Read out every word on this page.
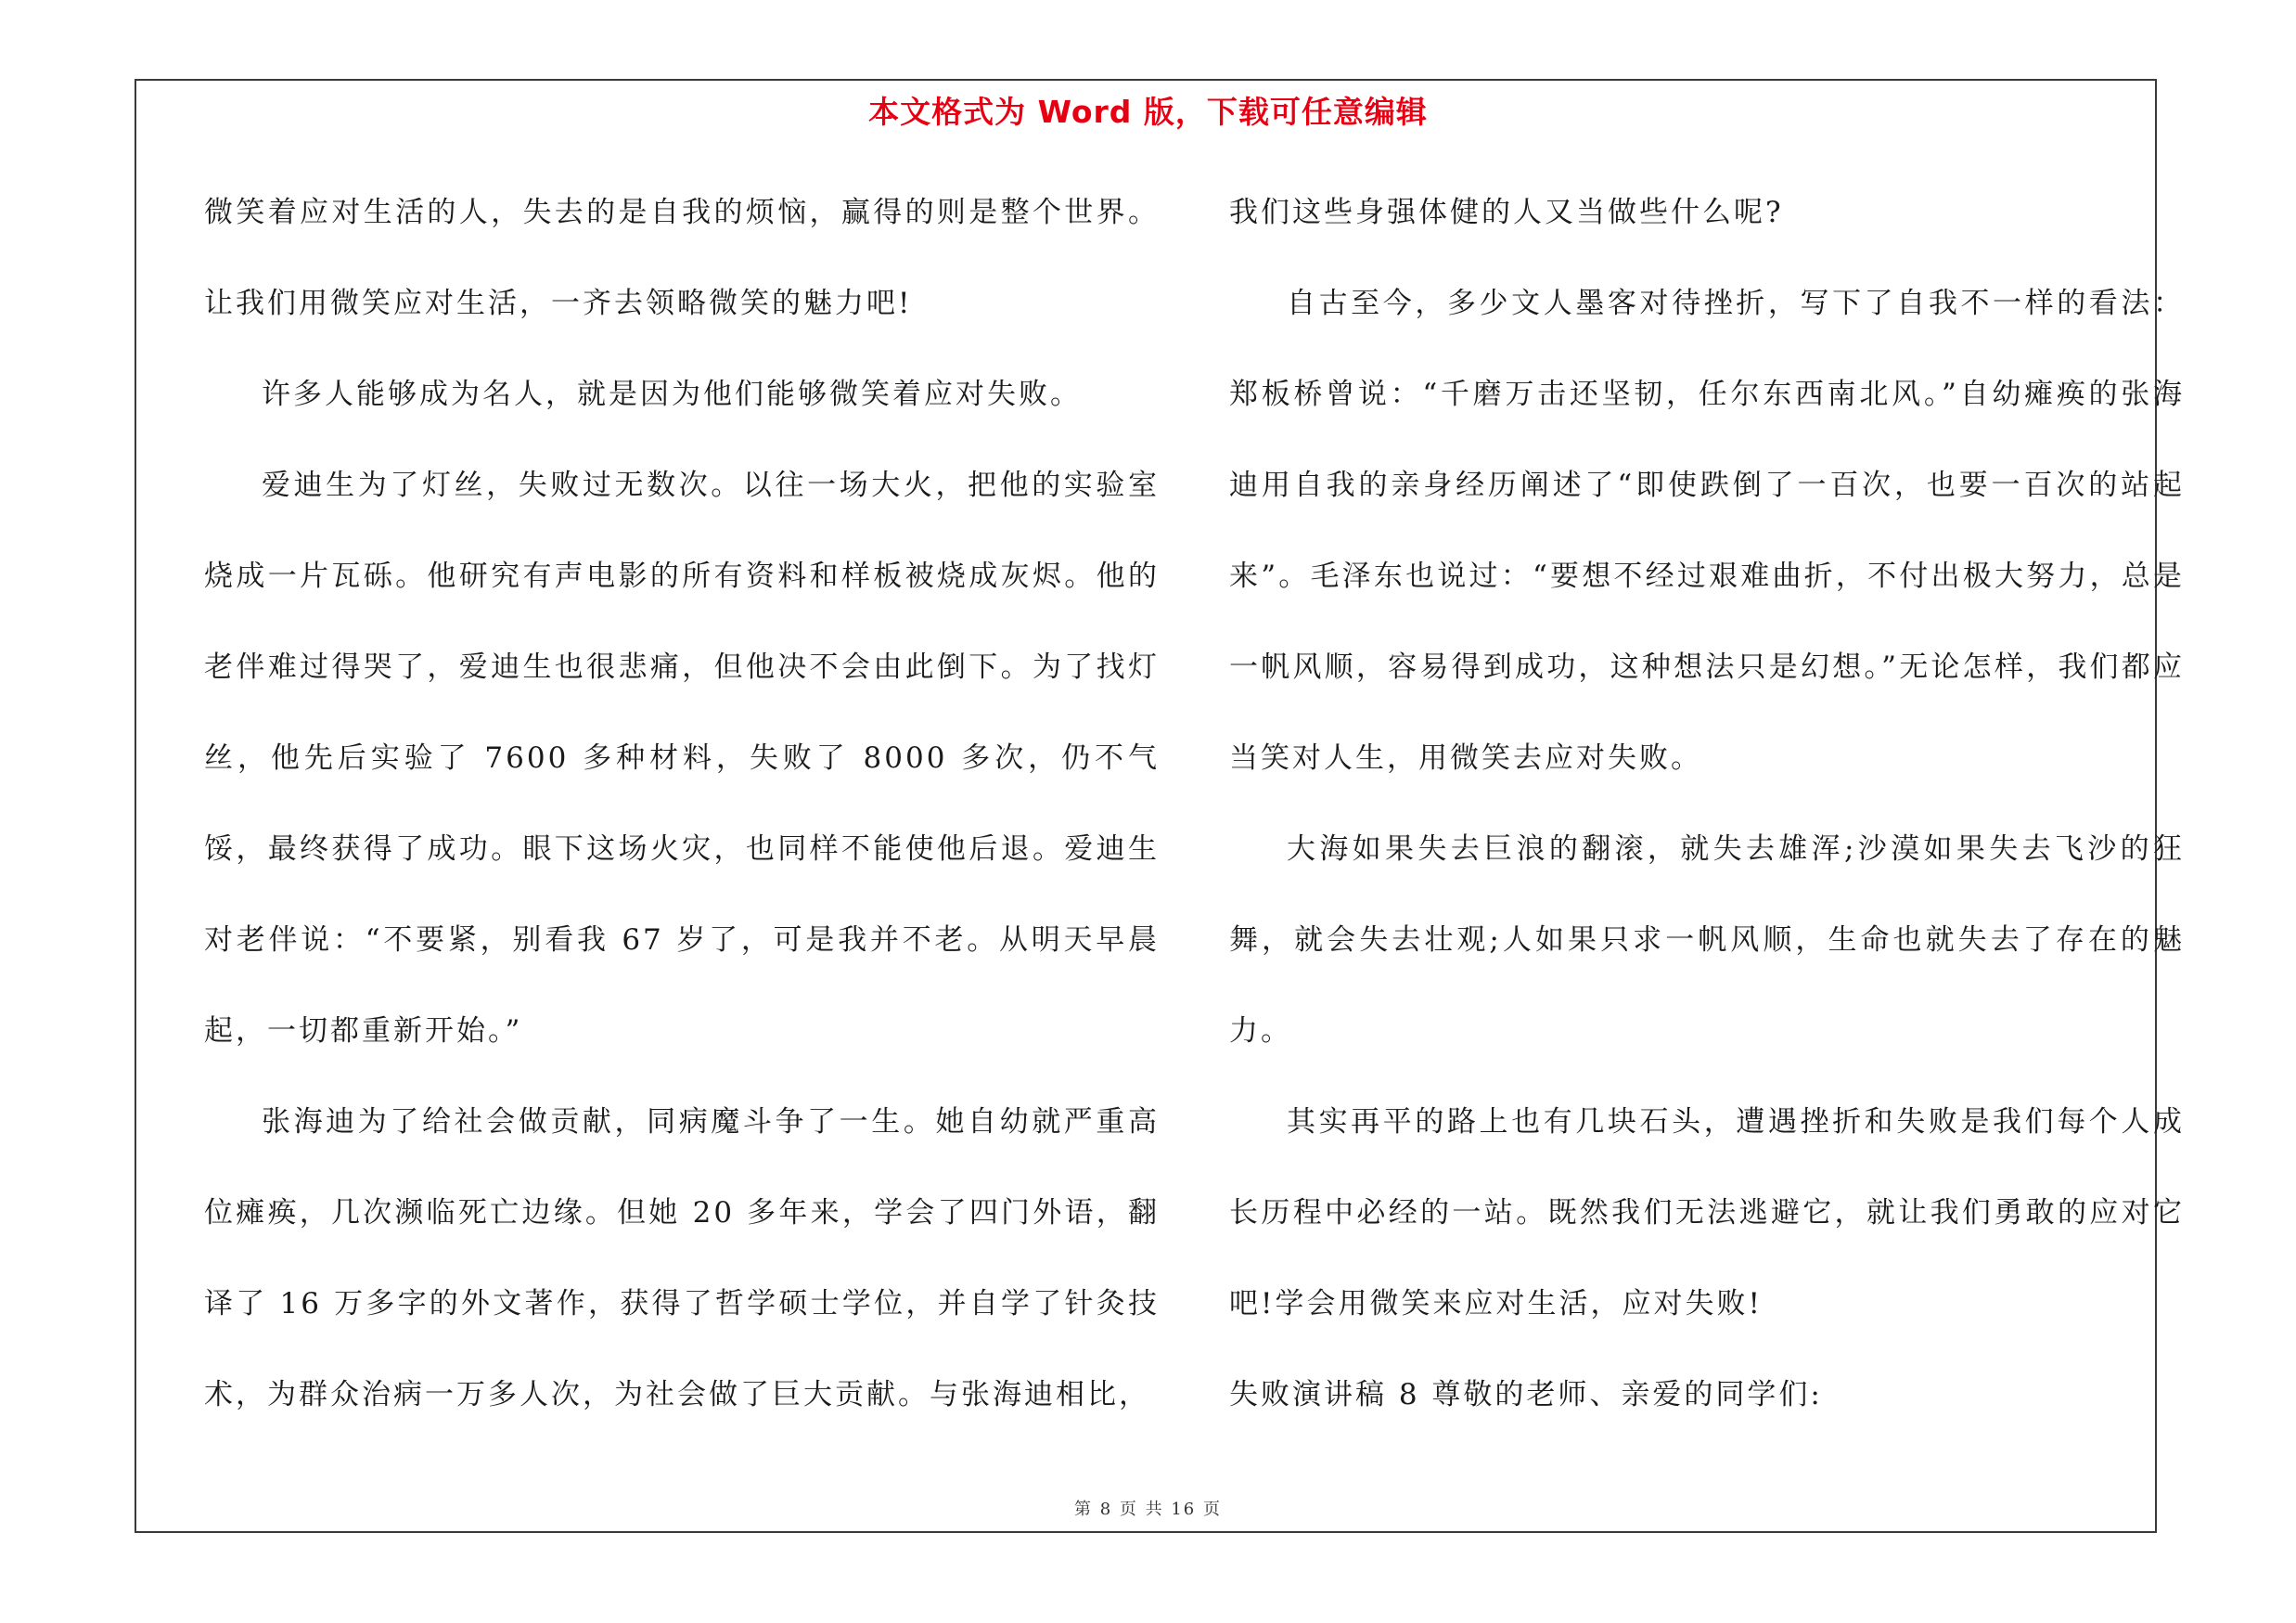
本文格式为 Word 版，下载可任意编辑

微笑着应对生活的人，失去的是自我的烦恼，赢得的则是整个世界。让我们用微笑应对生活，一齐去领略微笑的魅力吧!

许多人能够成为名人，就是因为他们能够微笑着应对失败。

爱迪生为了灯丝，失败过无数次。以往一场大火，把他的实验室烧成一片瓦砾。他研究有声电影的所有资料和样板被烧成灰烬。他的老伴难过得哭了，爱迪生也很悲痛，但他决不会由此倒下。为了找灯丝，他先后实验了 7600 多种材料，失败了 8000 多次，仍不气馁，最终获得了成功。眼下这场火灾，也同样不能使他后退。爱迪生对老伴说：“不要紧，别看我 67 岁了，可是我并不老。从明天早晨起，一切都重新开始。”

张海迪为了给社会做贡献，同病魔斗争了一生。她自幼就严重高位瘫痪，几次濒临死亡边缘。但她 20 多年来，学会了四门外语，翻译了 16 万多字的外文著作，获得了哲学硕士学位，并自学了针灸技术，为群众治病一万多人次，为社会做了巨大贡献。与张海迪相比，

我们这些身强体健的人又当做些什么呢?

自古至今，多少文人墨客对待挫折，写下了自我不一样的看法：郑板桥曾说：“千磨万击还坚韧，任尔东西南北风。”自幼瘫痪的张海迪用自我的亲身经历阐述了“即使跌倒了一百次，也要一百次的站起来”。毛泽东也说过：“要想不经过艰难曲折，不付出极大努力，总是一帆风顺，容易得到成功，这种想法只是幻想。”无论怎样，我们都应当笑对人生，用微笑去应对失败。

大海如果失去巨浪的翻滚，就失去雄浑;沙漠如果失去飞沙的狂舞，就会失去壮观;人如果只求一帆风顺，生命也就失去了存在的魅力。

其实再平的路上也有几块石头，遭遇挫折和失败是我们每个人成长历程中必经的一站。既然我们无法逃避它，就让我们勇敢的应对它吧!学会用微笑来应对生活，应对失败!

失败演讲稿 8 尊敬的老师、亲爱的同学们:

第 8 页 共 16 页
